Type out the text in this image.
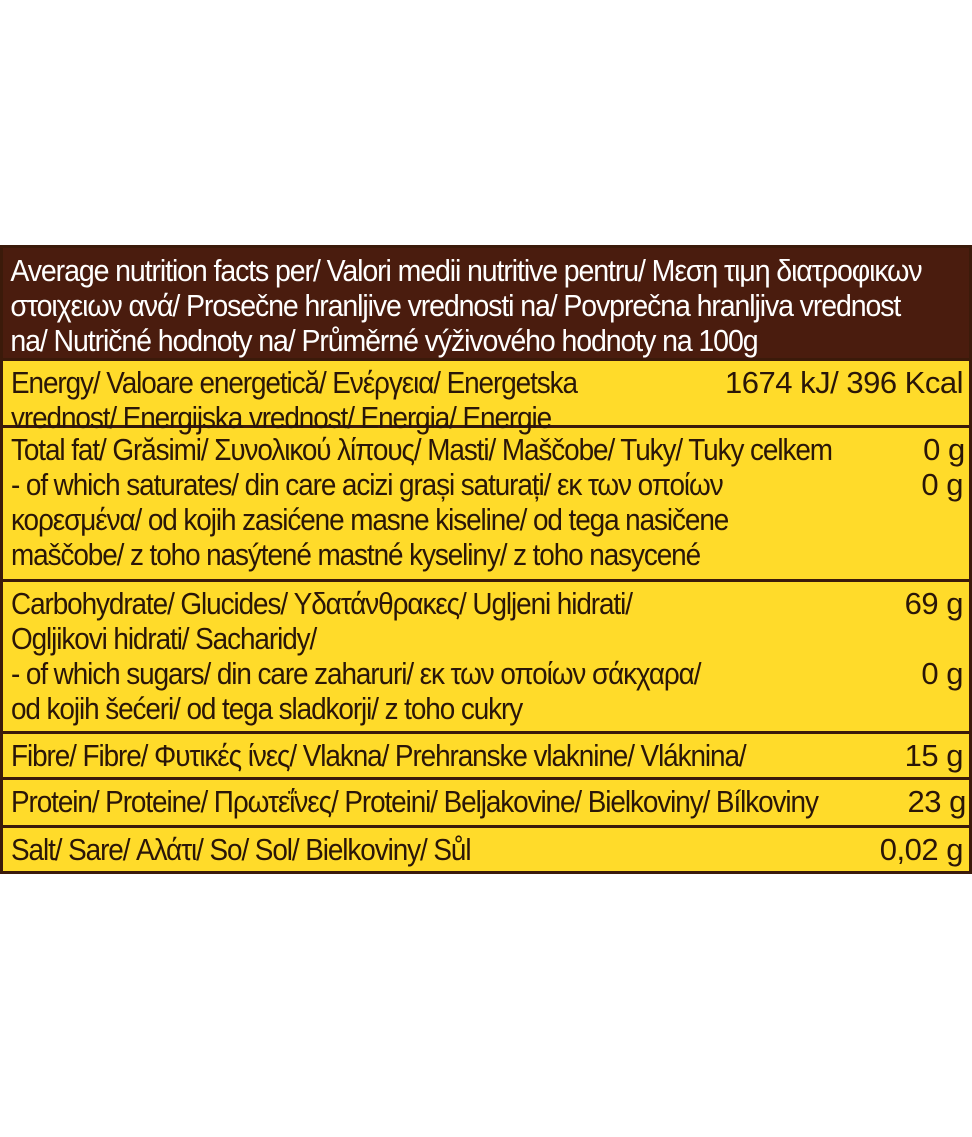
Average nutrition facts per/ Valori medii nutritive pentru/ Μεση τιμη διατροφικων
στοιχειων ανά/ Prosečne hranljive vrednosti na/ Povprečna hranljiva vrednost
na/ Nutričné hodnoty na/ Průměrné výživového hodnoty na 100g
Energy/ Valoare energetică/ Ενέργεια/ Energetska	1674 kJ/ 396 Kcal
vrednost/ Energijska vrednost/ Energia/ Energie
Total fat/ Grăsimi/ Συνολικού λίπους/ Masti/ Maščobe/ Tuky/ Tuky celkem	0 g
- of which saturates/ din care acizi grași saturați/ εκ των οποίων	0 g
κορεσμένα/ od kojih zasićene masne kiseline/ od tega nasičene
maščobe/ z toho nasýtené mastné kyseliny/ z toho nasycené
Carbohydrate/ Glucides/ Υδατάνθρακες/ Ugljeni hidrati/	69 g
Ogljikovi hidrati/ Sacharidy/
- of which sugars/ din care zaharuri/ εκ των οποίων σάκχαρα/	0 g
od kojih šećeri/ od tega sladkorji/ z toho cukry
Fibre/ Fibre/ Φυτικές ίνες/ Vlakna/ Prehranske vlaknine/ Vláknina/	15 g
Protein/ Proteine/ Πρωτεΐνες/ Proteini/ Beljakovine/ Bielkoviny/ Bílkoviny	23 g
Salt/ Sare/ Αλάτι/ So/ Sol/ Bielkoviny/ Sůl	0,02 g
